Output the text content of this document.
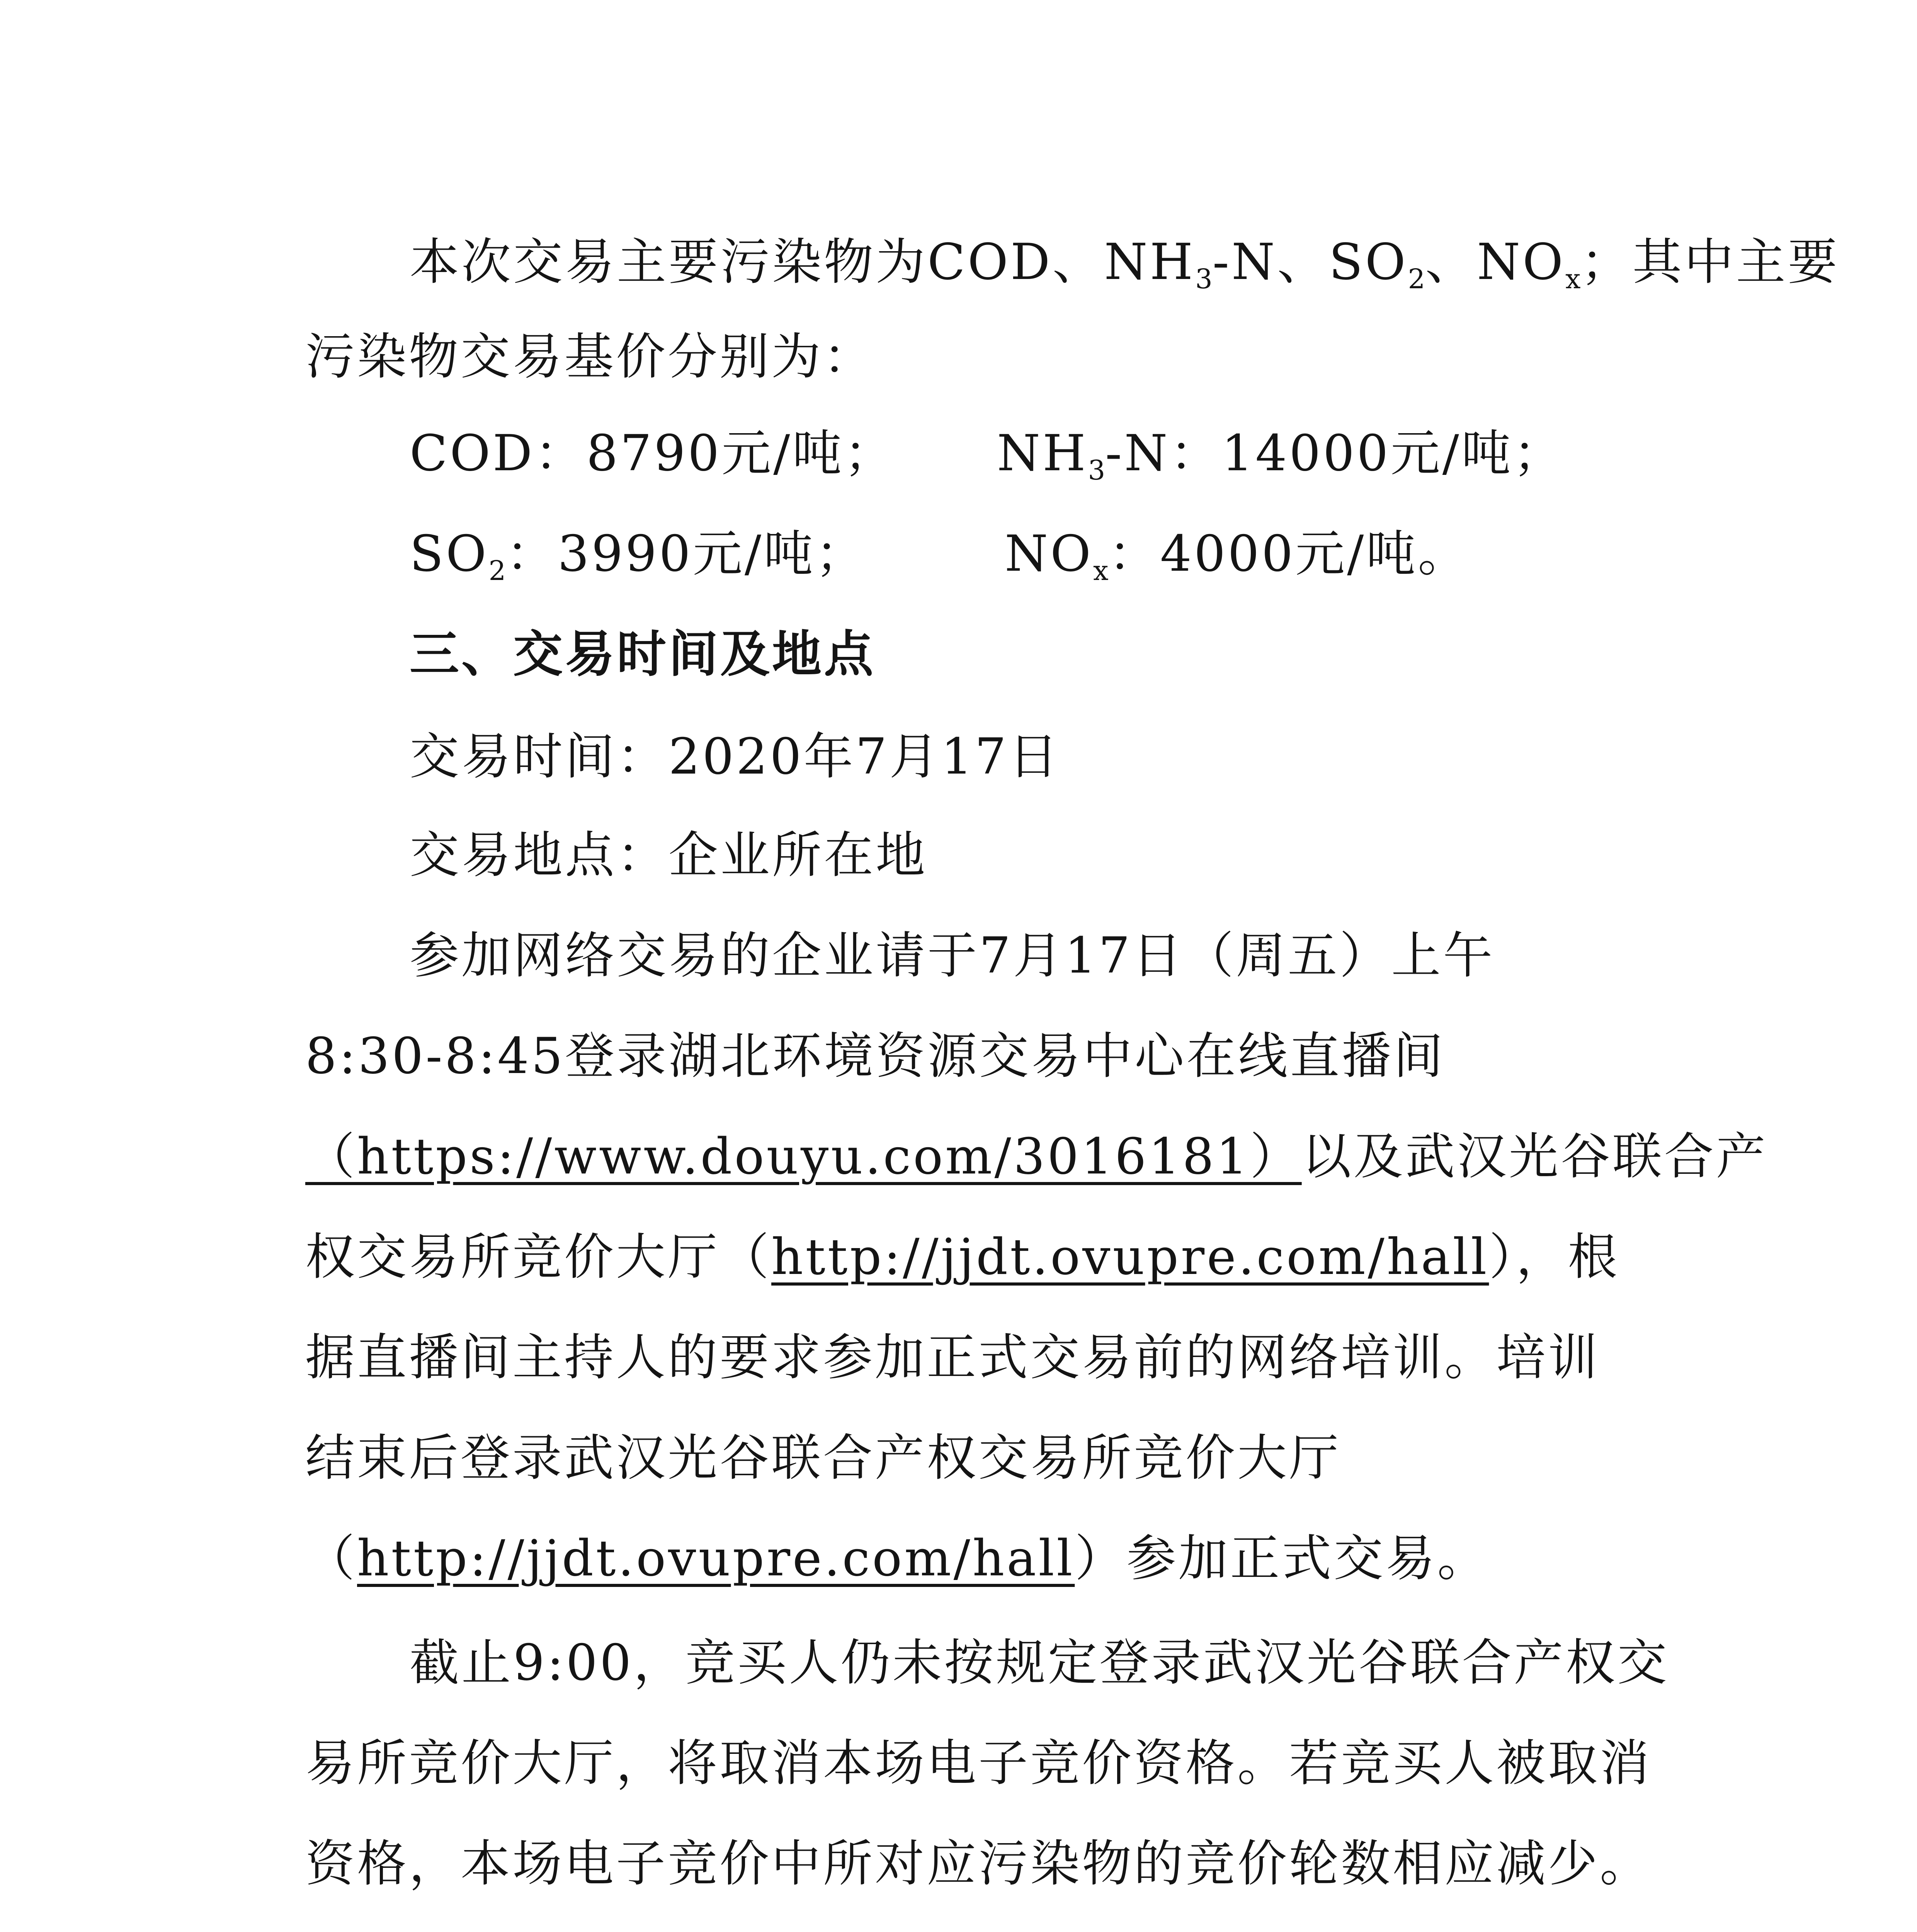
本次交易主要污染物为COD、$NH_3-N$、$SO_2$、$NO_x$；其中主要
污染物交易基价分别为：
COD：8790元/吨； $NH_3-N$：14000元/吨；
$SO_2$：3990元/吨；	$NO_x$：4000元/吨。
三、交易时间及地点
交易时间：2020年7月17日
交易地点：企业所在地
参加网络交易的企业请于7月17日（周五）上午
8:30-8:45登录湖北环境资源交易中心在线直播间
（https://www.douyu.com/3016181）以及武汉光谷联合产
权交易所竞价大厅（http://jjdt.ovupre.com/hall），根
据直播间主持人的要求参加正式交易前的网络培训。培训
结束后登录武汉光谷联合产权交易所竞价大厅
（http://jjdt.ovupre.com/hall）参加正式交易。
截止9:00，竞买人仍未按规定登录武汉光谷联合产权交
易所竞价大厅，将取消本场电子竞价资格。若竞买人被取消
资格，本场电子竞价中所对应污染物的竞价轮数相应减少。
